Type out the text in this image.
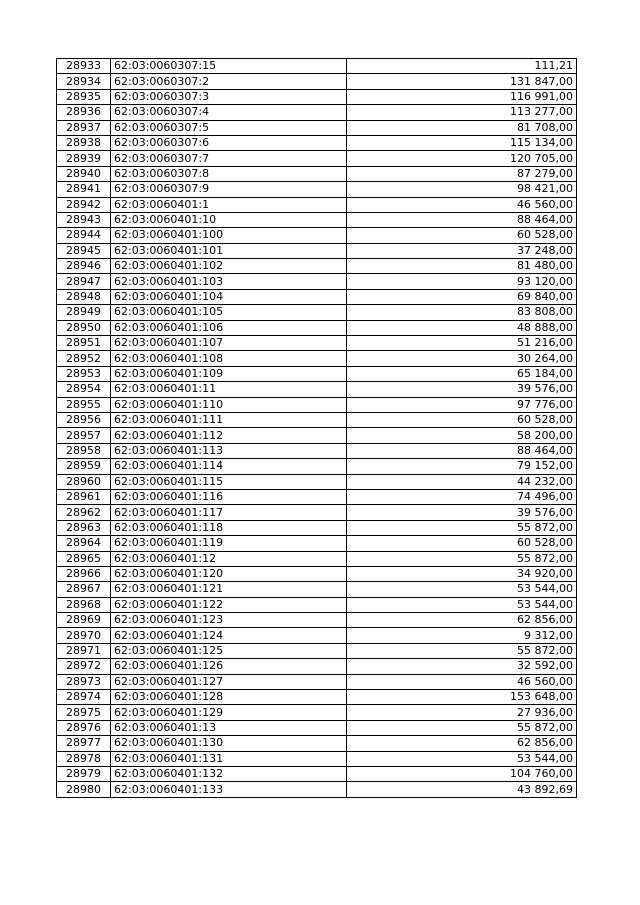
28933	62:03:0060307:15	111,21
28934	62:03:0060307:2	131 847,00
28935	62:03:0060307:3	116 991,00
28936	62:03:0060307:4	113 277,00
28937	62:03:0060307:5	81 708,00
28938	62:03:0060307:6	115 134,00
28939	62:03:0060307:7	120 705,00
28940	62:03:0060307:8	87 279,00
28941	62:03:0060307:9	98 421,00
28942	62:03:0060401:1	46 560,00
28943	62:03:0060401:10	88 464,00
28944	62:03:0060401:100	60 528,00
28945	62:03:0060401:101	37 248,00
28946	62:03:0060401:102	81 480,00
28947	62:03:0060401:103	93 120,00
28948	62:03:0060401:104	69 840,00
28949	62:03:0060401:105	83 808,00
28950	62:03:0060401:106	48 888,00
28951	62:03:0060401:107	51 216,00
28952	62:03:0060401:108	30 264,00
28953	62:03:0060401:109	65 184,00
28954	62:03:0060401:11	39 576,00
28955	62:03:0060401:110	97 776,00
28956	62:03:0060401:111	60 528,00
28957	62:03:0060401:112	58 200,00
28958	62:03:0060401:113	88 464,00
28959	62:03:0060401:114	79 152,00
28960	62:03:0060401:115	44 232,00
28961	62:03:0060401:116	74 496,00
28962	62:03:0060401:117	39 576,00
28963	62:03:0060401:118	55 872,00
28964	62:03:0060401:119	60 528,00
28965	62:03:0060401:12	55 872,00
28966	62:03:0060401:120	34 920,00
28967	62:03:0060401:121	53 544,00
28968	62:03:0060401:122	53 544,00
28969	62:03:0060401:123	62 856,00
28970	62:03:0060401:124	9 312,00
28971	62:03:0060401:125	55 872,00
28972	62:03:0060401:126	32 592,00
28973	62:03:0060401:127	46 560,00
28974	62:03:0060401:128	153 648,00
28975	62:03:0060401:129	27 936,00
28976	62:03:0060401:13	55 872,00
28977	62:03:0060401:130	62 856,00
28978	62:03:0060401:131	53 544,00
28979	62:03:0060401:132	104 760,00
28980	62:03:0060401:133	43 892,69
